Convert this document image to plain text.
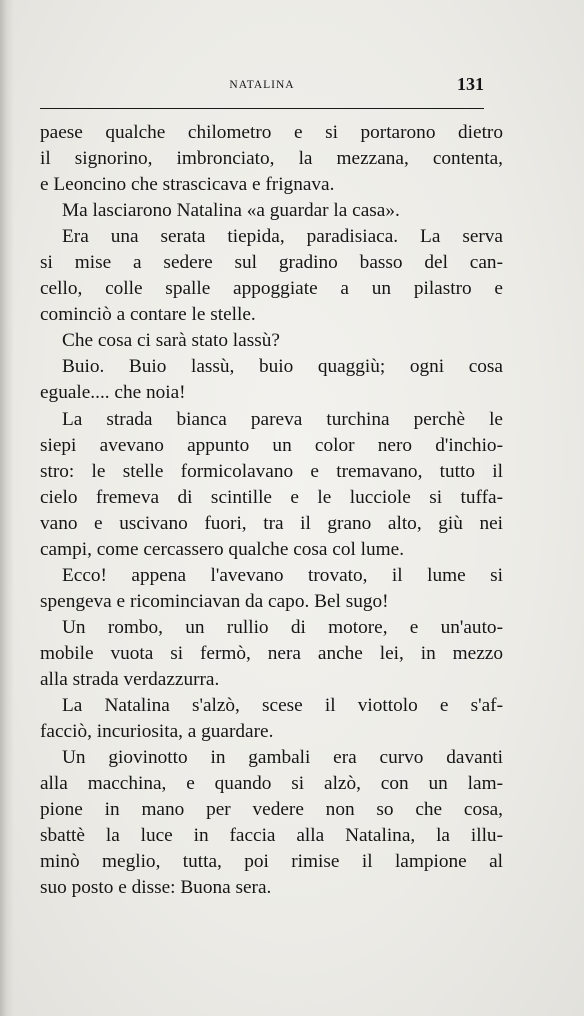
NATALINA	131
paese qualche chilometro e si portarono dietro
il signorino, imbronciato, la mezzana, contenta,
e Leoncino che strascicava e frignava.
Ma lasciarono Natalina «a guardar la casa».
Era una serata tiepida, paradisiaca. La serva
si mise a sedere sul gradino basso del can-
cello, colle spalle appoggiate a un pilastro e
cominciò a contare le stelle.
Che cosa ci sarà stato lassù?
Buio. Buio lassù, buio quaggiù; ogni cosa
eguale.... che noia!
La strada bianca pareva turchina perchè le
siepi avevano appunto un color nero d'inchio-
stro: le stelle formicolavano e tremavano, tutto il
cielo fremeva di scintille e le lucciole si tuffa-
vano e uscivano fuori, tra il grano alto, giù nei
campi, come cercassero qualche cosa col lume.
Ecco! appena l'avevano trovato, il lume si
spengeva e ricominciavan da capo. Bel sugo!
Un rombo, un rullio di motore, e un'auto-
mobile vuota si fermò, nera anche lei, in mezzo
alla strada verdazzurra.
La Natalina s'alzò, scese il viottolo e s'af-
facciò, incuriosita, a guardare.
Un giovinotto in gambali era curvo davanti
alla macchina, e quando si alzò, con un lam-
pione in mano per vedere non so che cosa,
sbattè la luce in faccia alla Natalina, la illu-
minò meglio, tutta, poi rimise il lampione al
suo posto e disse: Buona sera.
